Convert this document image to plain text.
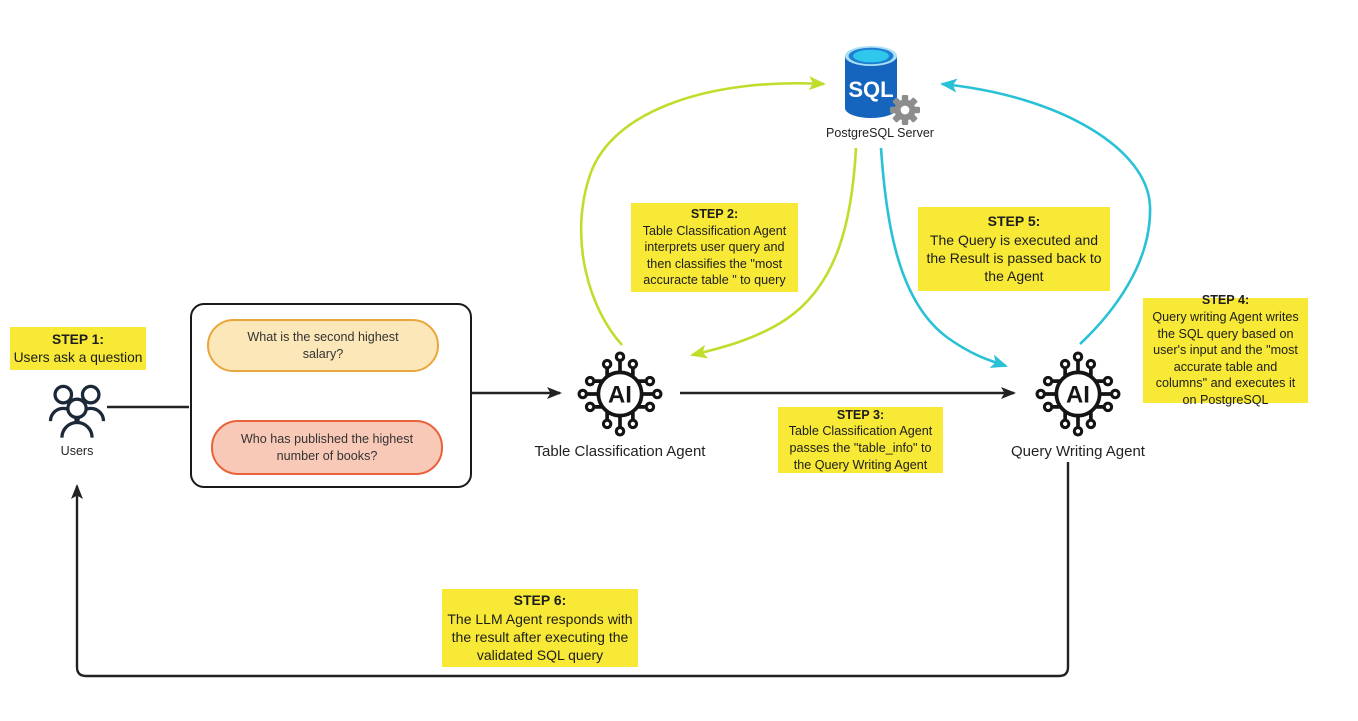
SQL
PostgreSQL Server
STEP 1:
Users ask a question
Users
What is the second highest salary?
Who has published the highest number of books?
AI
Table Classification Agent
AI
Query Writing Agent
STEP 2:
Table Classification Agent interprets user query and then classifies the "most accuracte table " to query
STEP 5:
The Query is executed and the Result is passed back to the Agent
STEP 4:
Query writing Agent writes the SQL query based on user's input and the "most accurate table and columns" and executes it on PostgreSQL
STEP 3:
Table Classification Agent passes the "table_info" to the Query Writing Agent
STEP 6:
The LLM Agent responds with the result after executing the validated SQL query
